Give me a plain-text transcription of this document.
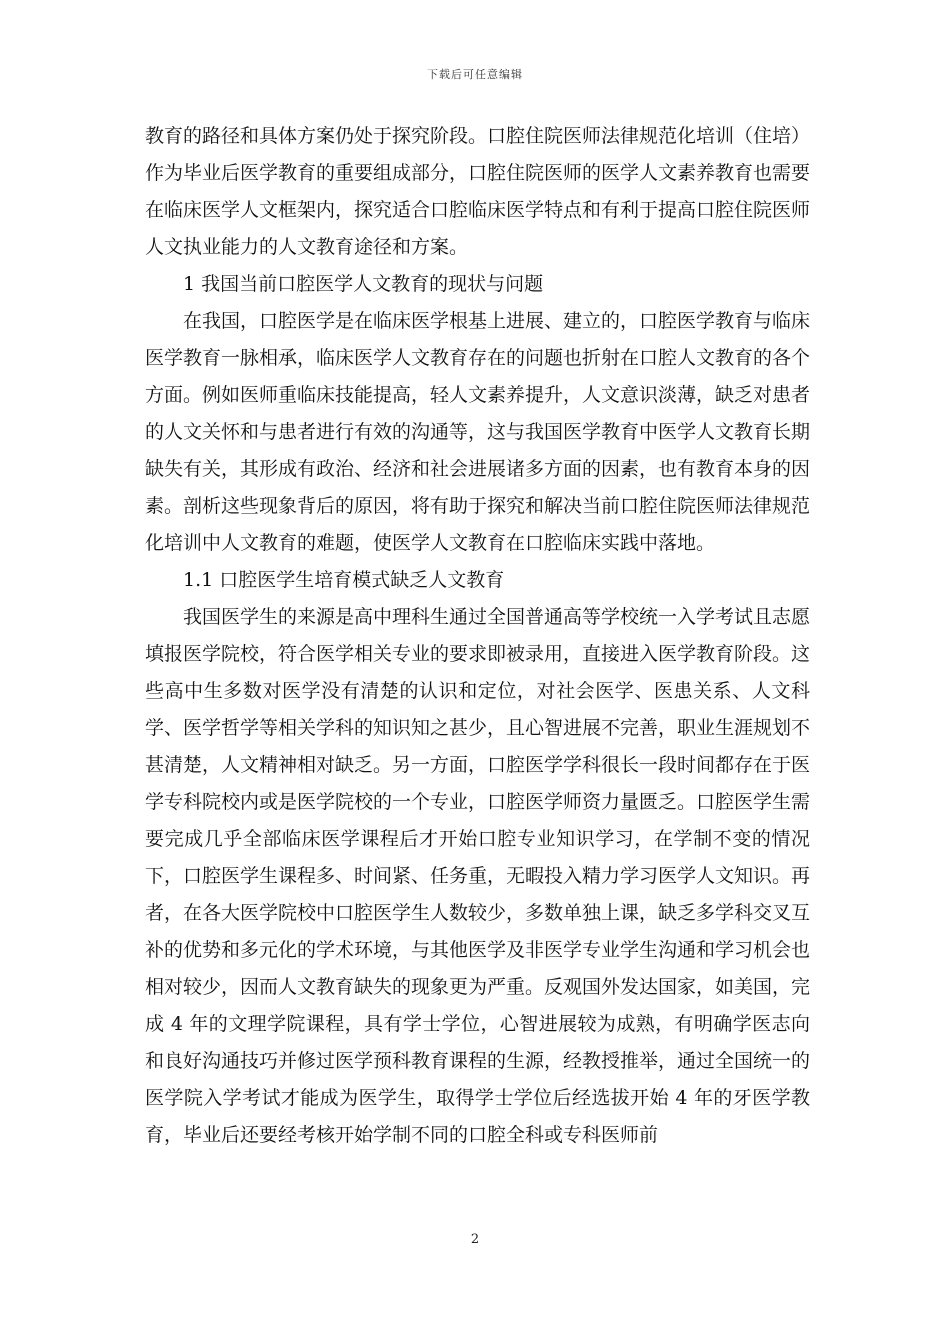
下载后可任意编辑

教育的路径和具体方案仍处于探究阶段。口腔住院医师法律规范化培训（住培）作为毕业后医学教育的重要组成部分，口腔住院医师的医学人文素养教育也需要在临床医学人文框架内，探究适合口腔临床医学特点和有利于提高口腔住院医师人文执业能力的人文教育途径和方案。

1 我国当前口腔医学人文教育的现状与问题

在我国，口腔医学是在临床医学根基上进展、建立的，口腔医学教育与临床医学教育一脉相承，临床医学人文教育存在的问题也折射在口腔人文教育的各个方面。例如医师重临床技能提高，轻人文素养提升，人文意识淡薄，缺乏对患者的人文关怀和与患者进行有效的沟通等，这与我国医学教育中医学人文教育长期缺失有关，其形成有政治、经济和社会进展诸多方面的因素，也有教育本身的因素。剖析这些现象背后的原因，将有助于探究和解决当前口腔住院医师法律规范化培训中人文教育的难题，使医学人文教育在口腔临床实践中落地。

1.1 口腔医学生培育模式缺乏人文教育

我国医学生的来源是高中理科生通过全国普通高等学校统一入学考试且志愿填报医学院校，符合医学相关专业的要求即被录用，直接进入医学教育阶段。这些高中生多数对医学没有清楚的认识和定位，对社会医学、医患关系、人文科学、医学哲学等相关学科的知识知之甚少，且心智进展不完善，职业生涯规划不甚清楚，人文精神相对缺乏。另一方面，口腔医学学科很长一段时间都存在于医学专科院校内或是医学院校的一个专业，口腔医学师资力量匮乏。口腔医学生需要完成几乎全部临床医学课程后才开始口腔专业知识学习，在学制不变的情况下，口腔医学生课程多、时间紧、任务重，无暇投入精力学习医学人文知识。再者，在各大医学院校中口腔医学生人数较少，多数单独上课，缺乏多学科交叉互补的优势和多元化的学术环境，与其他医学及非医学专业学生沟通和学习机会也相对较少，因而人文教育缺失的现象更为严重。反观国外发达国家，如美国，完成 4 年的文理学院课程，具有学士学位，心智进展较为成熟，有明确学医志向和良好沟通技巧并修过医学预科教育课程的生源，经教授推举，通过全国统一的医学院入学考试才能成为医学生，取得学士学位后经选拔开始 4 年的牙医学教育，毕业后还要经考核开始学制不同的口腔全科或专科医师前

2
